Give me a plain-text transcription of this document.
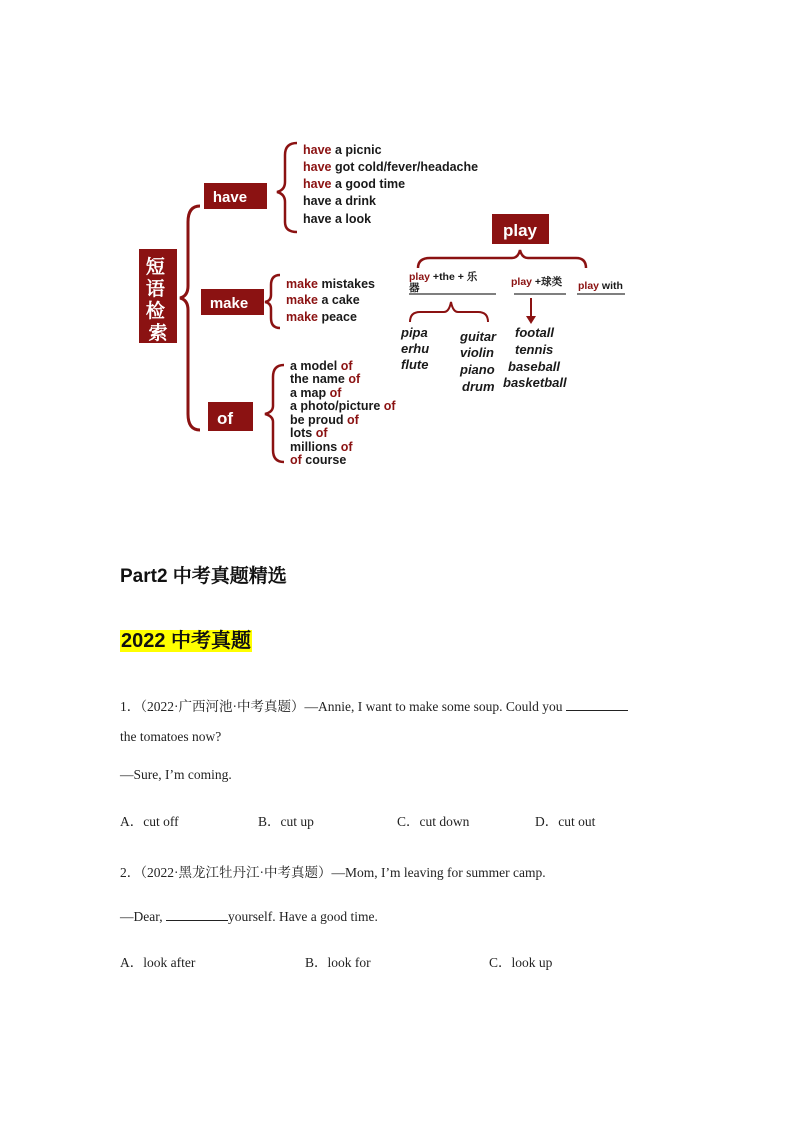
短 语 检 索
have
have a picnic
have got cold/fever/headache
have a good time
have a drink
have a look
make
make mistakes
make a cake
make peace
of
a model of
the name of
a map of
a photo/picture of
be proud of
lots of
millions of
of course
play
play +the + 乐
器	play +球类 play with
pipa
erhu
flute
guitar
violin
piano
drum
footall
tennis
baseball
basketball
Part2 中考真题精选
2022 中考真题
1．（2022·广西河池·中考真题）—Annie, I want to make some soup. Could you
the tomatoes now?
—Sure, I’m coming.
A．cut off	B．cut up	C．cut down	D．cut out
2．（2022·黑龙江牡丹江·中考真题）—Mom, I’m leaving for summer camp.
—Dear,	yourself. Have a good time.
A．look after	B．look for	C．look up
